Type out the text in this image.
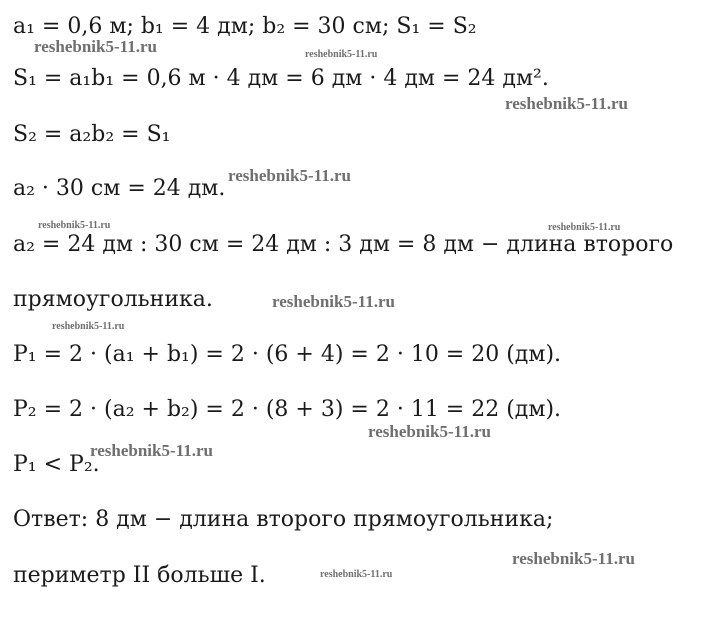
a₁ = 0,6 м; b₁ = 4 дм; b₂ = 30 см; S₁ = S₂
S₁ = a₁b₁ = 0,6 м · 4 дм = 6 дм · 4 дм = 24 дм².
S₂ = a₂b₂ = S₁
a₂ · 30 см = 24 дм.
a₂ = 24 дм : 30 см = 24 дм : 3 дм = 8 дм − длина второго
прямоугольника.
P₁ = 2 · (a₁ + b₁) = 2 · (6 + 4) = 2 · 10 = 20 (дм).
P₂ = 2 · (a₂ + b₂) = 2 · (8 + 3) = 2 · 11 = 22 (дм).
P₁ < P₂.
Ответ: 8 дм − длина второго прямоугольника;
периметр II больше I.
reshebnik5-11.ru	reshebnik5-11.ru
reshebnik5-11.ru
reshebnik5-11.ru
reshebnik5-11.ru	reshebnik5-11.ru
reshebnik5-11.ru
reshebnik5-11.ru
reshebnik5-11.ru
reshebnik5-11.ru
reshebnik5-11.ru
reshebnik5-11.ru
